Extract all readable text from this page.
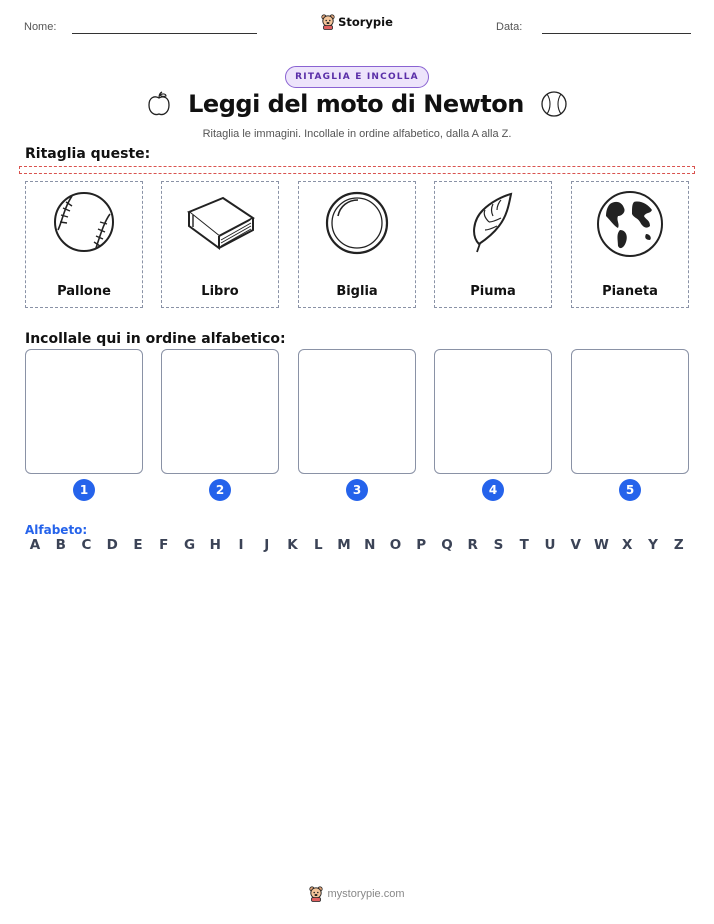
Nome:	Data:
Storypie
RITAGLIA E INCOLLA
Leggi del moto di Newton
Ritaglia le immagini. Incollale in ordine alfabetico, dalla A alla Z.
Ritaglia queste:
Pallone	Libro	Biglia	Piuma	Pianeta
Incollale qui in ordine alfabetico:
1	2	3	4	5
Alfabeto:
A	B	C	D	E	F	G	H	I	J	K	L	M N	O	P	Q	R	S	T	U	V W X	Y	Z
mystorypie.com
